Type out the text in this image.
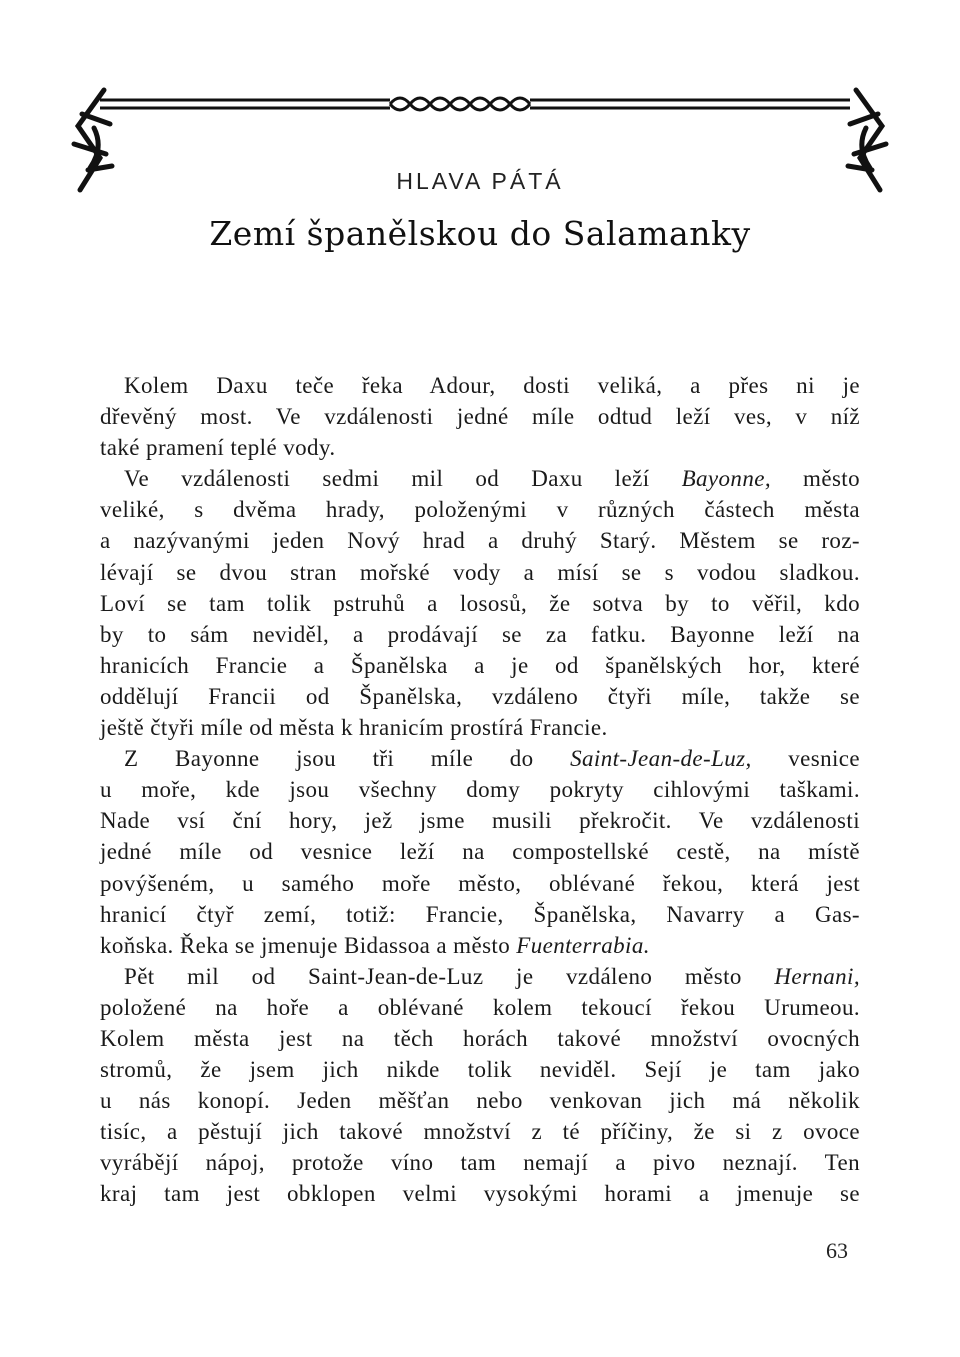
HLAVA PÁTÁ
Zemí španělskou do Salamanky
Kolem Daxu teče řeka Adour, dosti veliká, a přes ni je
dřevěný most. Ve vzdálenosti jedné míle odtud leží ves, v níž
také pramení teplé vody.
Ve vzdálenosti sedmi mil od Daxu leží Bayonne, město
veliké, s dvěma hrady, položenými v různých částech města
a nazývanými jeden Nový hrad a druhý Starý. Městem se roz-
lévají se dvou stran mořské vody a mísí se s vodou sladkou.
Loví se tam tolik pstruhů a lososů, že sotva by to věřil, kdo
by to sám neviděl, a prodávají se za fatku. Bayonne leží na
hranicích Francie a Španělska a je od španělských hor, které
oddělují Francii od Španělska, vzdáleno čtyři míle, takže se
ještě čtyři míle od města k hranicím prostírá Francie.
Z Bayonne jsou tři míle do Saint-Jean-de-Luz, vesnice
u moře, kde jsou všechny domy pokryty cihlovými taškami.
Nade vsí ční hory, jež jsme musili překročit. Ve vzdálenosti
jedné míle od vesnice leží na compostellské cestě, na místě
povýšeném, u samého moře město, oblévané řekou, která jest
hranicí čtyř zemí, totiž: Francie, Španělska, Navarry a Gas-
koňska. Řeka se jmenuje Bidassoa a město Fuenterrabia.
Pět mil od Saint-Jean-de-Luz je vzdáleno město Hernani,
položené na hoře a oblévané kolem tekoucí řekou Urumeou.
Kolem města jest na těch horách takové množství ovocných
stromů, že jsem jich nikde tolik neviděl. Sejí je tam jako
u nás konopí. Jeden měšťan nebo venkovan jich má několik
tisíc, a pěstují jich takové množství z té příčiny, že si z ovoce
vyrábějí nápoj, protože víno tam nemají a pivo neznají. Ten
kraj tam jest obklopen velmi vysokými horami a jmenuje se
63
